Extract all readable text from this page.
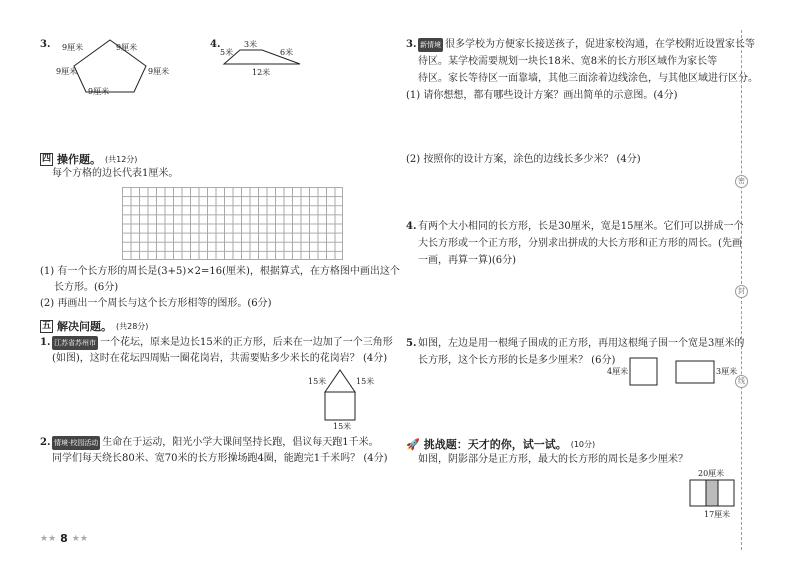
密
封
线
3. 9厘米	9厘米
9厘米	9厘米
9厘米
4.	3米
5米	6米
12米
四 操作题。 (共12分)
每个方格的边长代表1厘米。
(1) 有一个长方形的周长是(3+5)×2=16(厘米)，根据算式，在方格图中画出这个
长方形。(6分)
(2) 再画出一个周长与这个长方形相等的图形。(6分)
五 解决问题。 (共28分)
1. 江苏省苏州市 一个花坛，原来是边长15米的正方形，后来在一边加了一个三角形
(如图)，这时在花坛四周贴一圈花岗岩，共需要贴多少米长的花岗岩？ (4分)
15米	15米
15米
2. 情境·校园活动 生命在于运动，阳光小学大课间坚持长跑，倡议每天跑1千米。
同学们每天绕长80米、宽70米的长方形操场跑4圈，能跑完1千米吗？ (4分)
★★ 8 ★★
3. 新情境 很多学校为方便家长接送孩子，促进家校沟通，在学校附近设置家长等
待区。某学校需要规划一块长18米、宽8米的长方形区域作为家长等
待区。家长等待区一面靠墙，其他三面涂着边线涂色，与其他区域进行区分。
(1) 请你想想，都有哪些设计方案？画出简单的示意图。(4分)
(2) 按照你的设计方案，涂色的边线长多少米？ (4分)
4. 有两个大小相同的长方形，长是30厘米，宽是15厘米。它们可以拼成一个
大长方形或一个正方形，分别求出拼成的大长方形和正方形的周长。(先画
一画，再算一算)(6分)
5. 如图，左边是用一根绳子围成的正方形，再用这根绳子围一个宽是3厘米的
长方形，这个长方形的长是多少厘米？ (6分)
4厘米	3厘米
🚀 挑战题：天才的你，试一试。 (10分)
如图，阴影部分是正方形，最大的长方形的周长是多少厘米？
20厘米
17厘米
